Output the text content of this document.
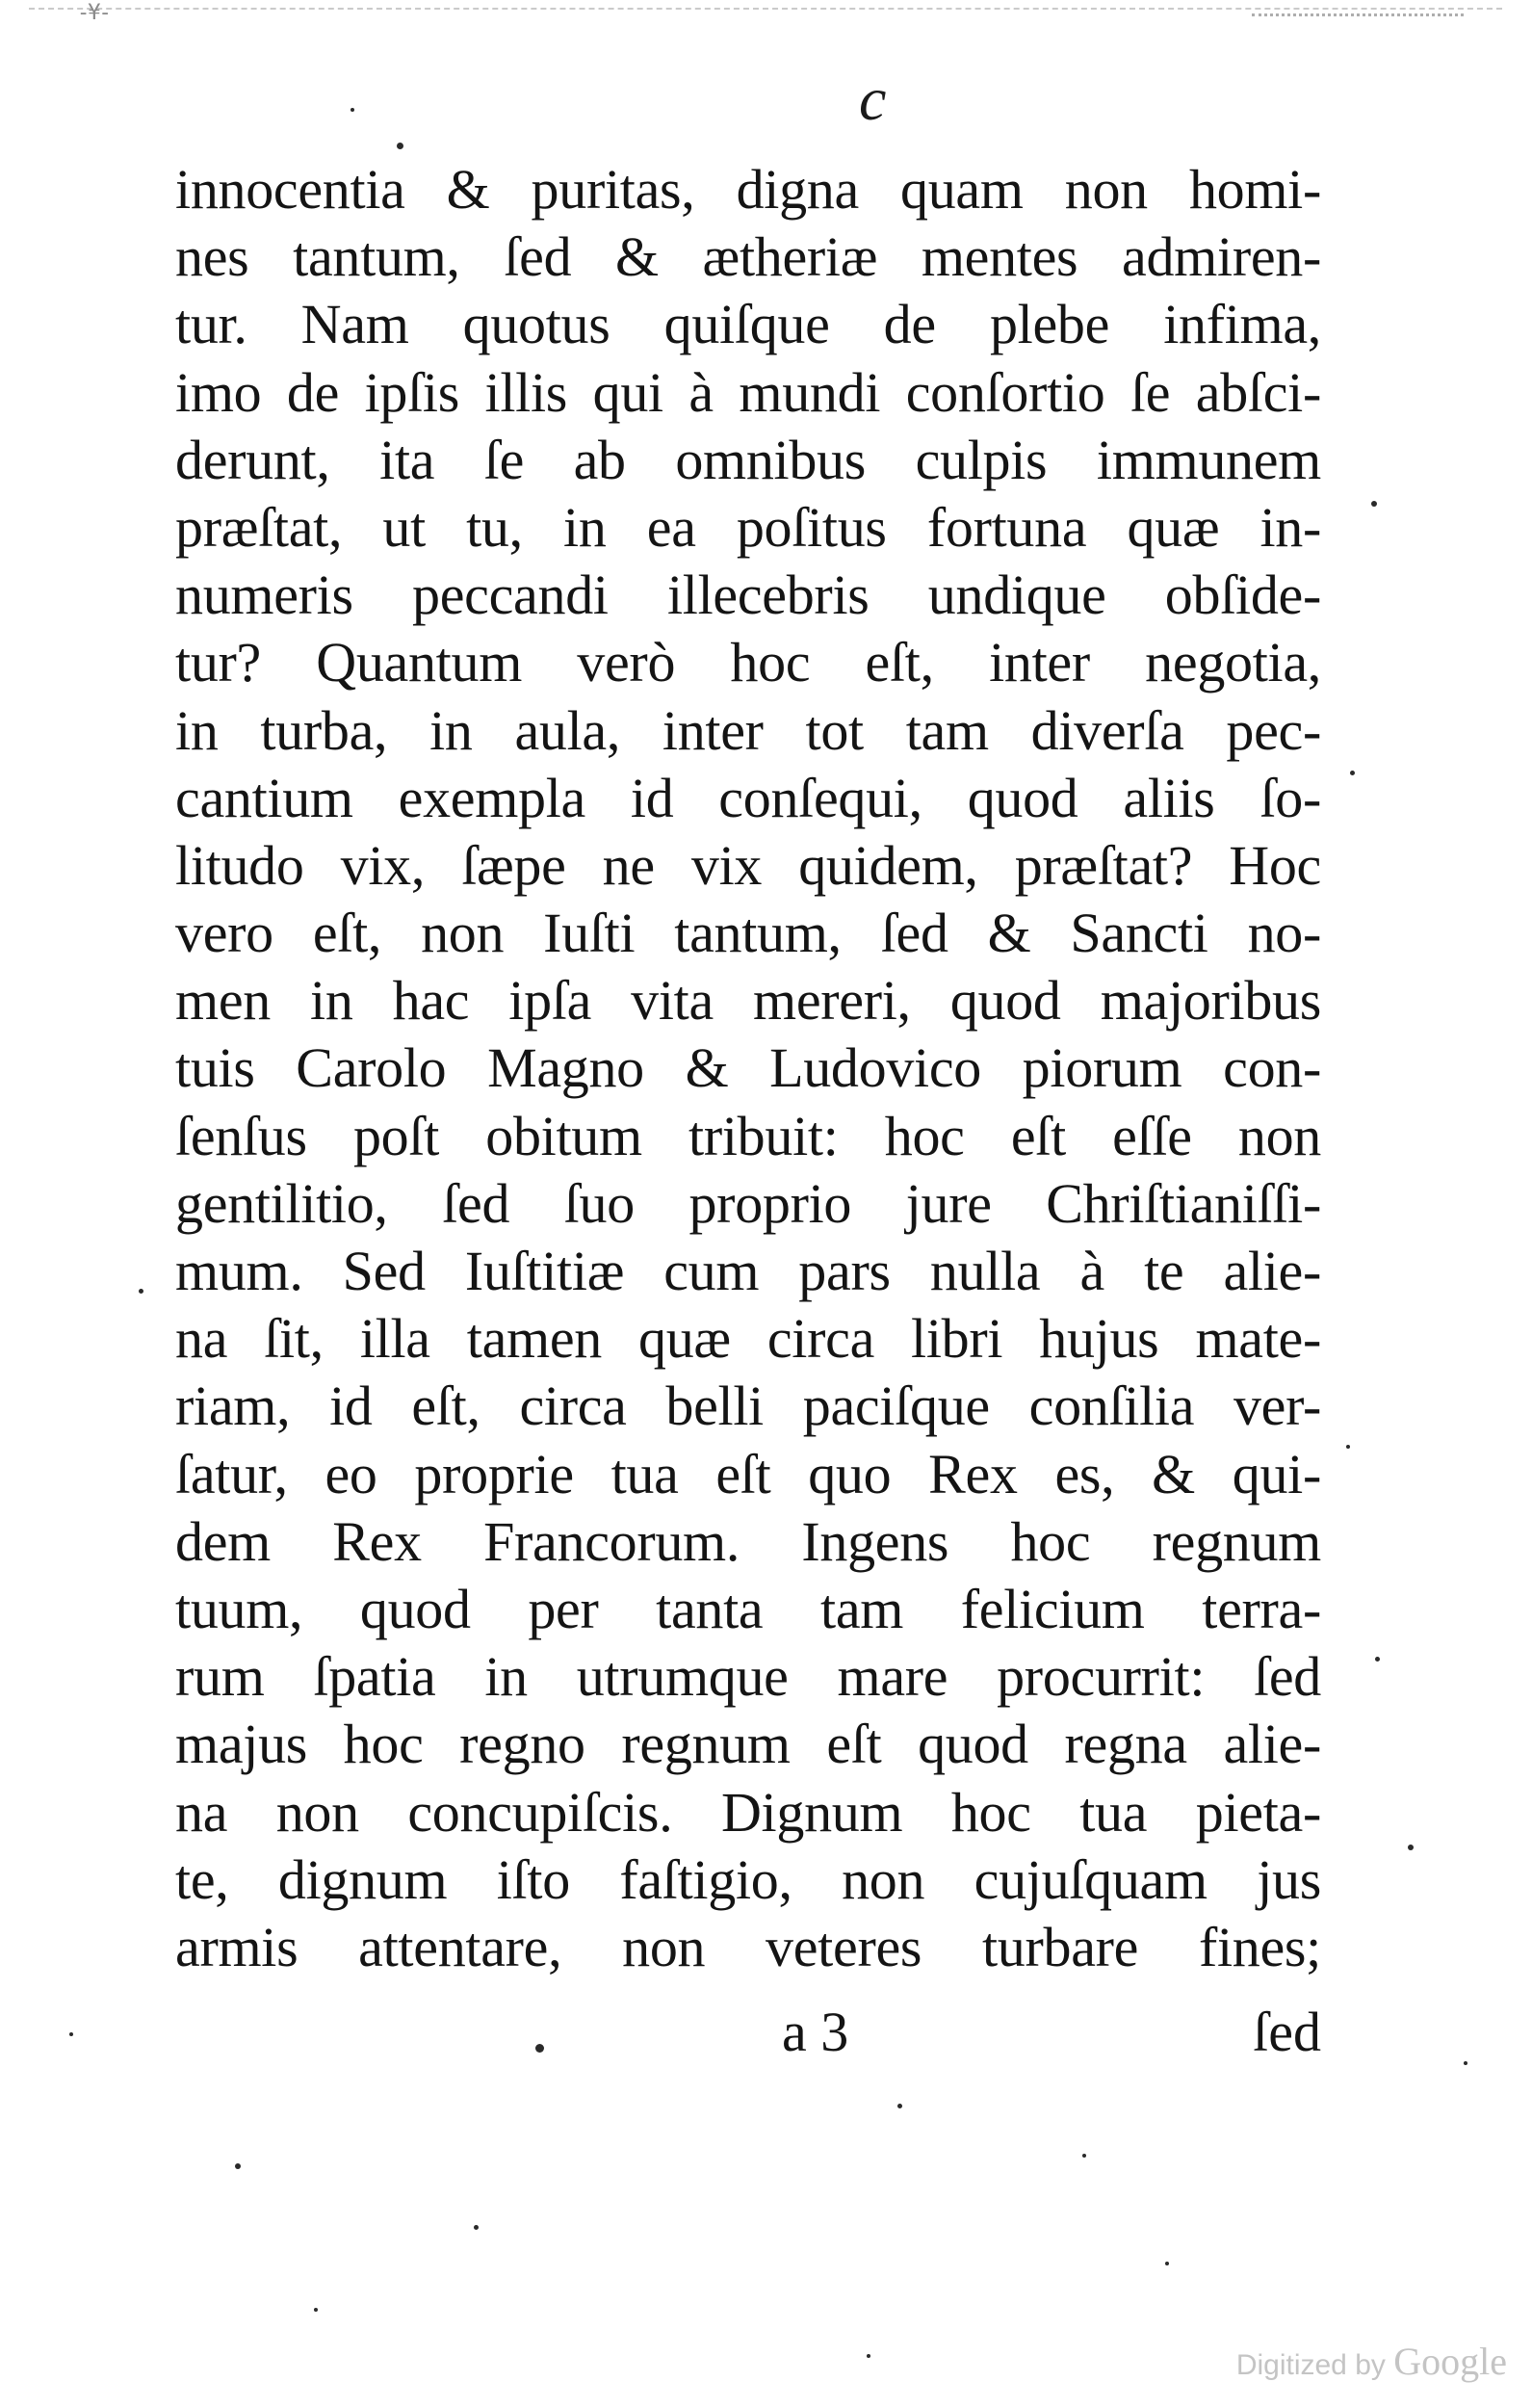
-¥-
c
innocentia & puritas, digna quam non homi-
nes tantum, ſed & ætheriæ mentes admiren-
tur. Nam quotus quiſque de plebe infima,
imo de ipſis illis qui à mundi conſortio ſe abſci-
derunt, ita ſe ab omnibus culpis immunem
præſtat, ut tu, in ea poſitus fortuna quæ in-
numeris peccandi illecebris undique obſide-
tur? Quantum verò hoc eſt, inter negotia,
in turba, in aula, inter tot tam diverſa pec-
cantium exempla id conſequi, quod aliis ſo-
litudo vix, ſæpe ne vix quidem, præſtat? Hoc
vero eſt, non Iuſti tantum, ſed & Sancti no-
men in hac ipſa vita mereri, quod majoribus
tuis Carolo Magno & Ludovico piorum con-
ſenſus poſt obitum tribuit: hoc eſt eſſe non
gentilitio, ſed ſuo proprio jure Chriſtianiſſi-
mum. Sed Iuſtitiæ cum pars nulla à te alie-
na ſit, illa tamen quæ circa libri hujus mate-
riam, id eſt, circa belli paciſque conſilia ver-
ſatur, eo proprie tua eſt quo Rex es, & qui-
dem Rex Francorum. Ingens hoc regnum
tuum, quod per tanta tam felicium terra-
rum ſpatia in utrumque mare procurrit: ſed
majus hoc regno regnum eſt quod regna alie-
na non concupiſcis. Dignum hoc tua pieta-
te, dignum iſto faſtigio, non cujuſquam jus
armis attentare, non veteres turbare fines;
a 3	ſed
Digitized by Google
